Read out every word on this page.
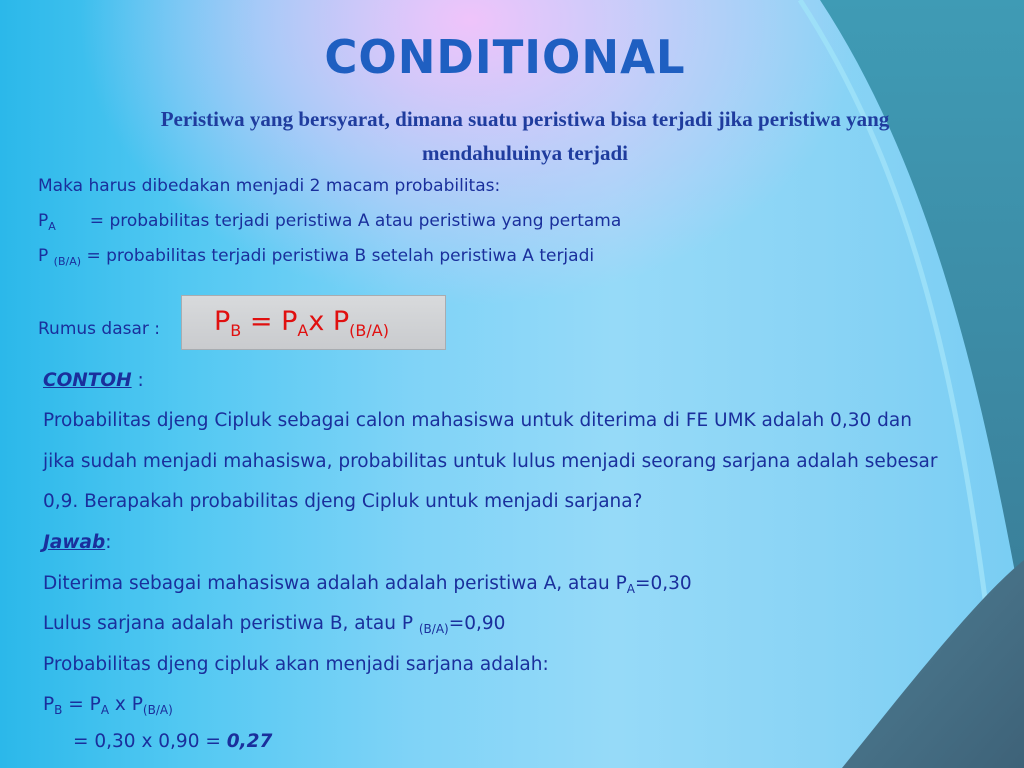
CONDITIONAL

Peristiwa yang bersyarat, dimana suatu peristiwa bisa terjadi jika peristiwa yang mendahuluinya terjadi

Maka harus dibedakan menjadi 2 macam probabilitas:

$P_A$ = probabilitas terjadi peristiwa A atau peristiwa yang pertama

P $_{(B/A)}$ = probabilitas terjadi peristiwa B setelah peristiwa A terjadi

Rumus dasar : $P_B = P_Ax$ $P_{(B/A)}$

CONTOH :

Probabilitas djeng Cipluk sebagai calon mahasiswa untuk diterima di FE UMK adalah 0,30 dan

jika sudah menjadi mahasiswa, probabilitas untuk lulus menjadi seorang sarjana adalah sebesar

0,9. Berapakah probabilitas djeng Cipluk untuk menjadi sarjana?

Jawab:

Diterima sebagai mahasiswa adalah adalah peristiwa A, atau $P_A=0,30$

Lulus sarjana adalah peristiwa B, atau P $_{(B/A)}$=0,90

Probabilitas djeng cipluk akan menjadi sarjana adalah:

$P_B = P_A$ x $P_{(B/A)}$

= 0,30 x 0,90 = 0,27
